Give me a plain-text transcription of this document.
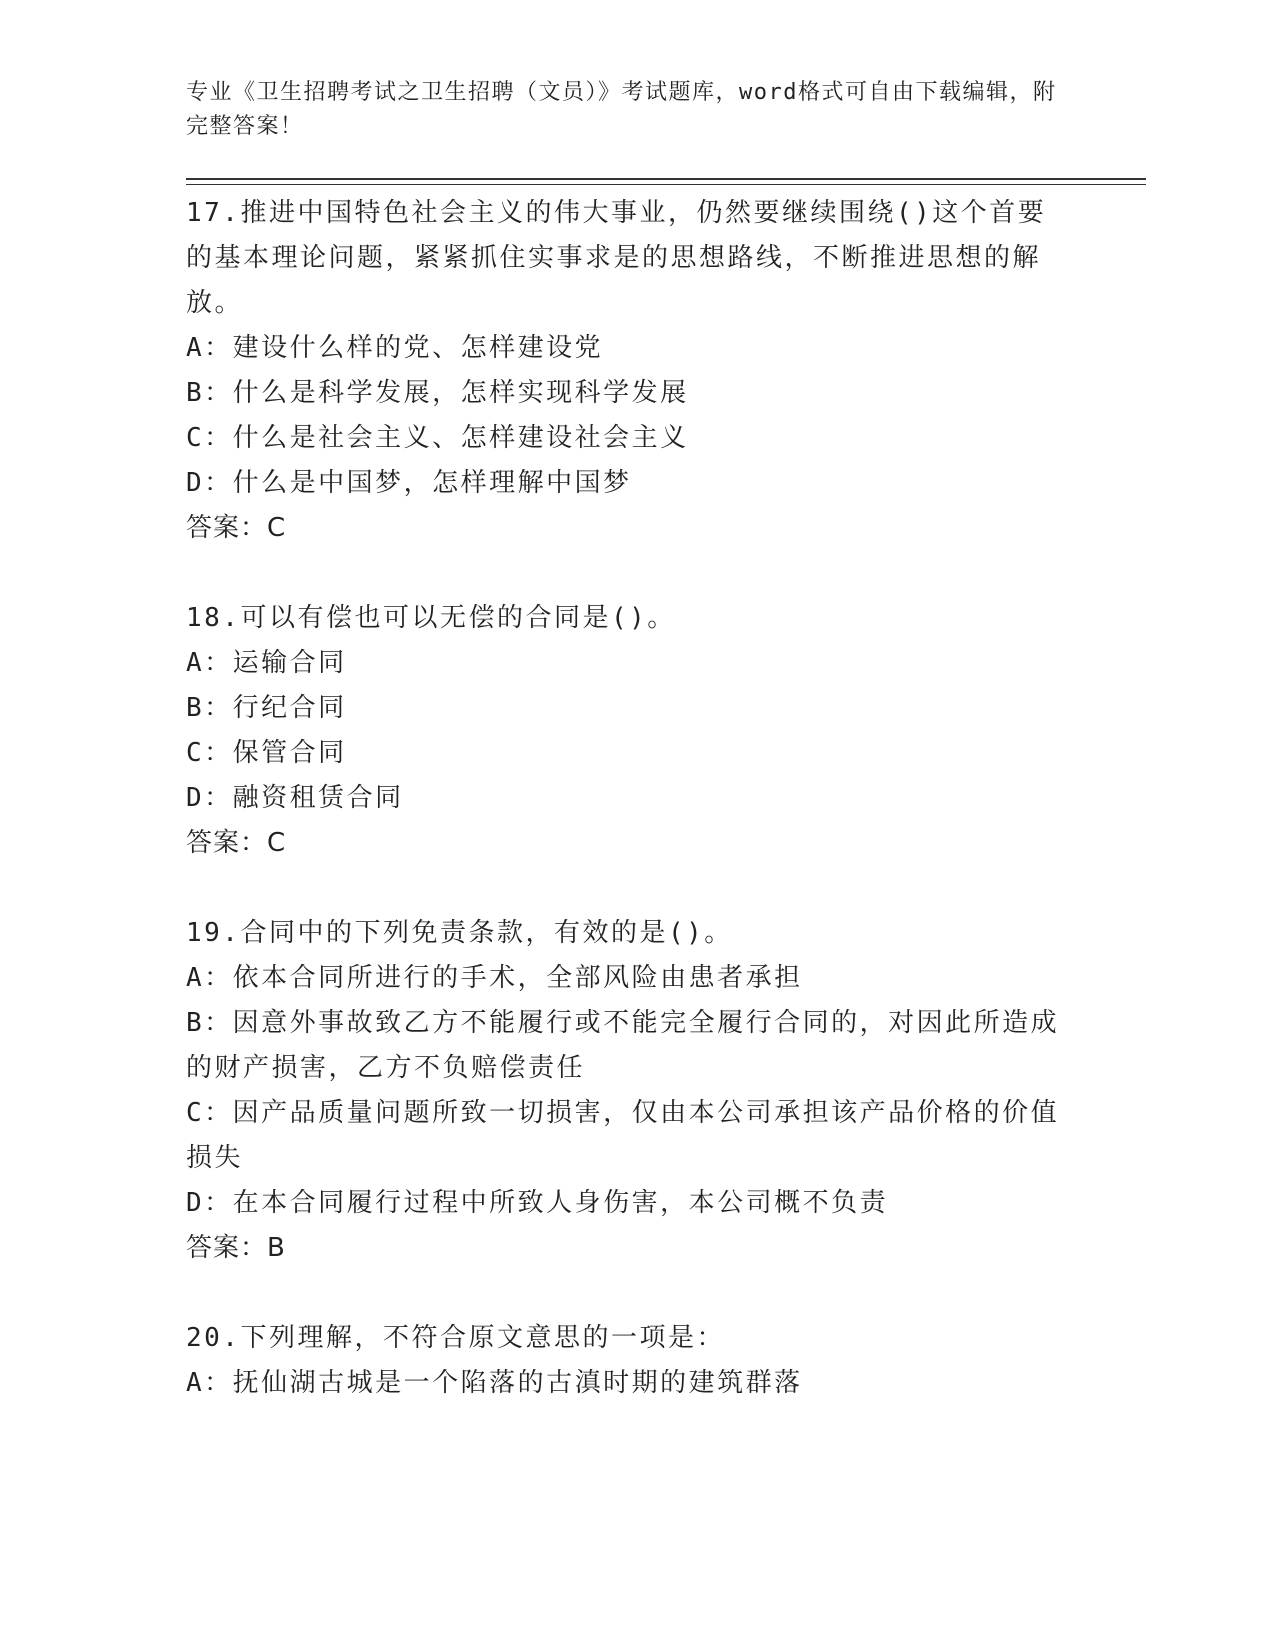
专业《卫生招聘考试之卫生招聘（文员）》考试题库，word格式可自由下载编辑，附完整答案！
17.推进中国特色社会主义的伟大事业，仍然要继续围绕()这个首要的基本理论问题，紧紧抓住实事求是的思想路线，不断推进思想的解放。
A：建设什么样的党、怎样建设党
B：什么是科学发展，怎样实现科学发展
C：什么是社会主义、怎样建设社会主义
D：什么是中国梦，怎样理解中国梦
答案：C
18.可以有偿也可以无偿的合同是()。
A：运输合同
B：行纪合同
C：保管合同
D：融资租赁合同
答案：C
19.合同中的下列免责条款，有效的是()。
A：依本合同所进行的手术，全部风险由患者承担
B：因意外事故致乙方不能履行或不能完全履行合同的，对因此所造成的财产损害，乙方不负赔偿责任
C：因产品质量问题所致一切损害，仅由本公司承担该产品价格的价值损失
D：在本合同履行过程中所致人身伤害，本公司概不负责
答案：B
20.下列理解，不符合原文意思的一项是：
A：抚仙湖古城是一个陷落的古滇时期的建筑群落
